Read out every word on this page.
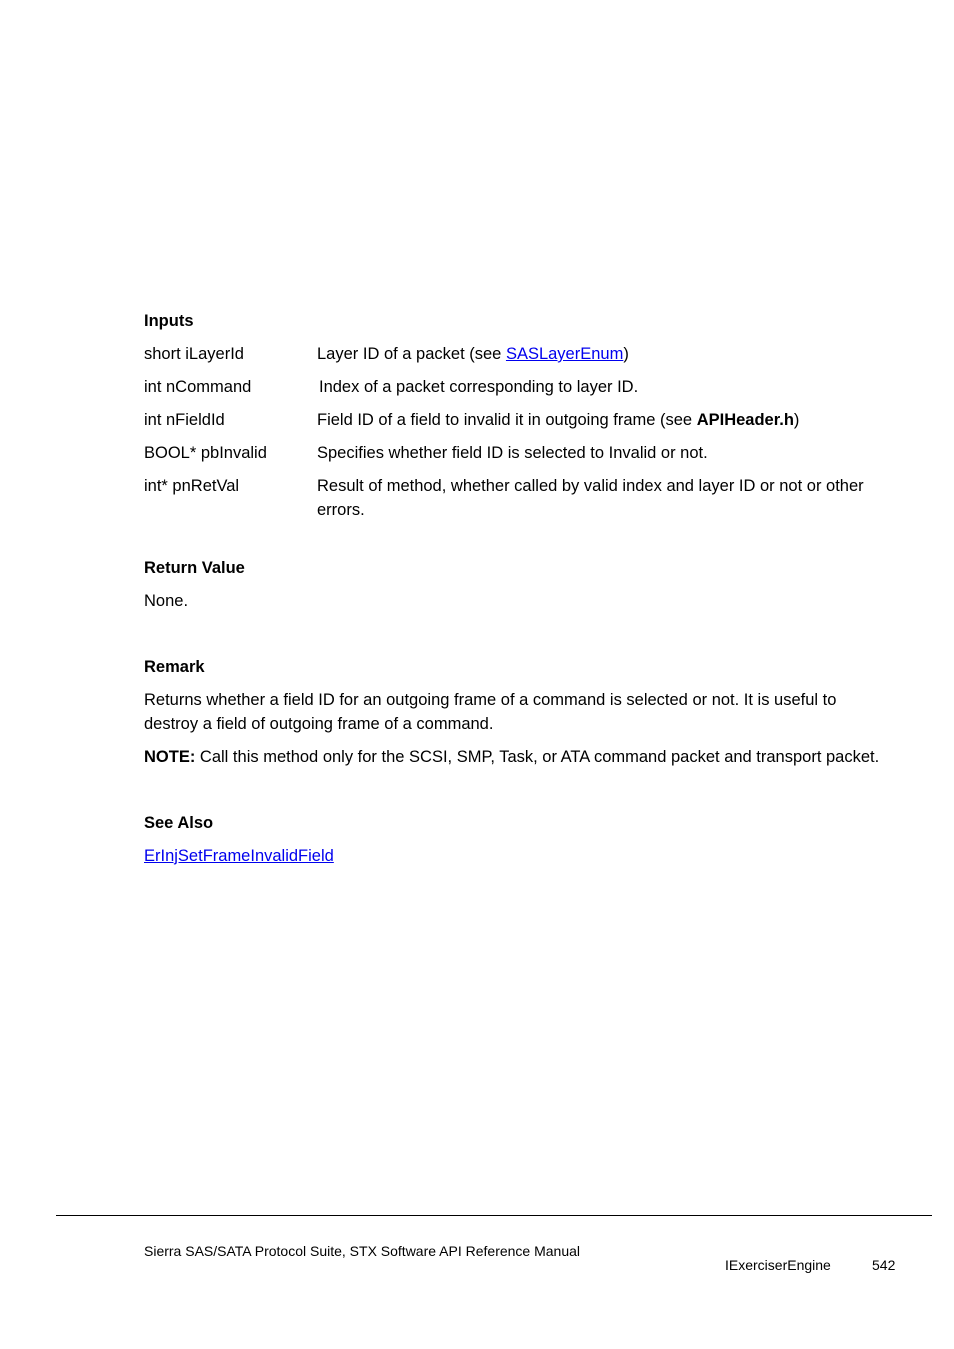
Inputs

short iLayerId	Layer ID of a packet (see SASLayerEnum)
int nCommand	Index of a packet corresponding to layer ID.
int nFieldId	Field ID of a field to invalid it in outgoing frame (see APIHeader.h)
BOOL* pbInvalid	Specifies whether field ID is selected to Invalid or not.
int* pnRetVal	Result of method, whether called by valid index and layer ID or not or other errors.

Return Value

None.

Remark

Returns whether a field ID for an outgoing frame of a command is selected or not. It is useful to destroy a field of outgoing frame of a command.

NOTE: Call this method only for the SCSI, SMP, Task, or ATA command packet and transport packet.

See Also

ErInjSetFrameInvalidField

Sierra SAS/SATA Protocol Suite, STX Software API Reference Manual
IExerciserEngine	542
